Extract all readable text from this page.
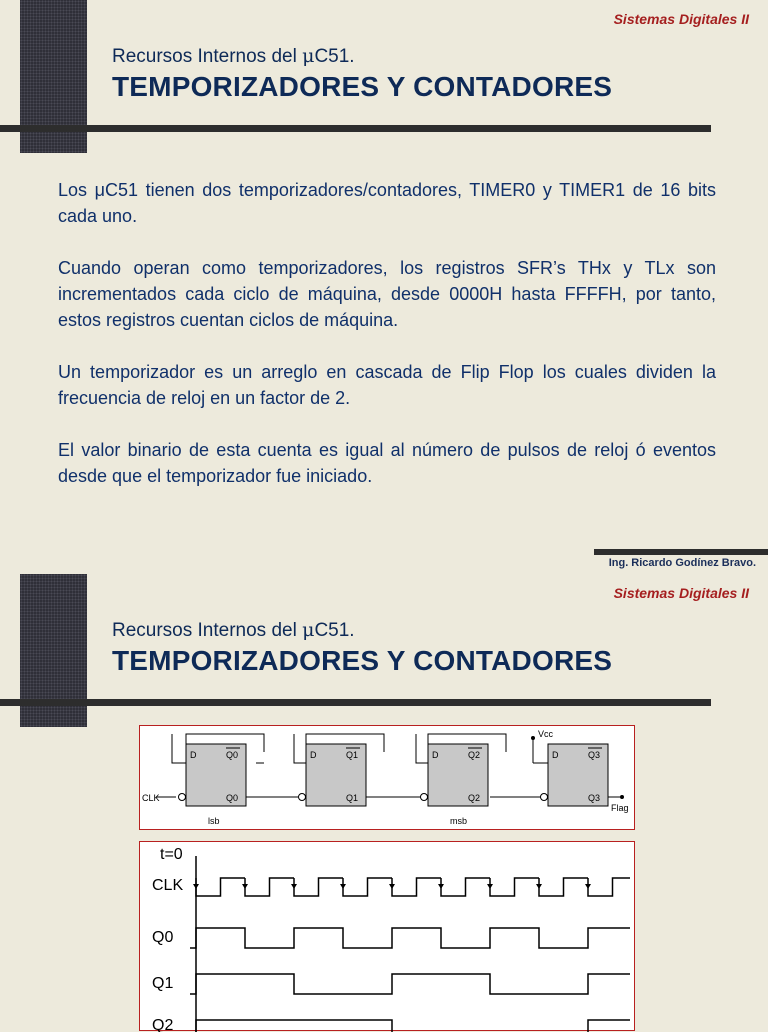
Sistemas Digitales II
Recursos Internos del μC51.
TEMPORIZADORES Y CONTADORES

Los μC51 tienen dos temporizadores/contadores, TIMER0 y TIMER1 de 16 bits cada uno.

Cuando operan como temporizadores, los registros SFR’s THx y TLx son incrementados cada ciclo de máquina, desde 0000H hasta FFFFH, por tanto, estos registros cuentan ciclos de máquina.

Un temporizador es un arreglo en cascada de Flip Flop los cuales dividen la frecuencia de reloj en un factor de 2.

El valor binario de esta cuenta es igual al número de pulsos de reloj ó eventos desde que el temporizador fue iniciado.

Ing. Ricardo Godínez Bravo.
Sistemas Digitales II
Recursos Internos del μC51.
TEMPORIZADORES Y CONTADORES
D	Q0
Q0
D	Q1
Q1
D	Q2
Q2
D	Q3
Q3
CLK
Vcc
Flag
lsb	msb
t=0
CLK
Q0
Q1
Q2
